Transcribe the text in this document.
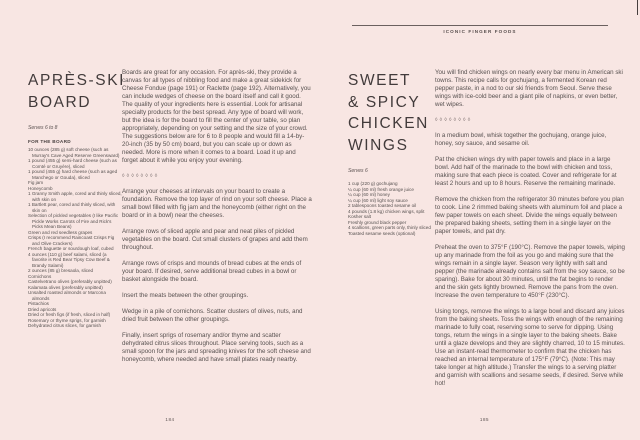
APRÈS-SKI
BOARD
Serves 6 to 8
FOR THE BOARD
10 ounces (285 g) soft cheese (such as Murray's Cave Aged Reserve Greensward)
1 pound (455 g) semi-hard cheese (such as Comté or Gruyère), sliced
1 pound (455 g) hard cheese (such as aged Manchego or Gouda), sliced
Fig jam
Honeycomb
1 Granny Smith apple, cored and thinly sliced, with skin on
1 Bartlett pear, cored and thinly sliced, with skin on
Selection of pickled vegetables (I like Pacific Pickle Works Carrots of Fire and Rick's Picks Mean Beans)
Green and red seedless grapes
Crisps (I recommend Raincoast Crisps Fig and Olive Crackers)
French baguette or sourdough loaf, cubed
4 ounces (110 g) beef salami, sliced (a favorite is Red Bear Tipsy Cow Beef & Brandy Salami)
2 ounces (85 g) bresaola, sliced
Cornichons
Castelvetrano olives (preferably unpitted)
Kalamata olives (preferably unpitted)
Unsalted roasted almonds or Marcona almonds
Pistachios
Dried apricots
Dried or fresh figs (if fresh, sliced in half)
Rosemary or thyme sprigs, for garnish
Dehydrated citrus slices, for garnish

Boards are great for any occasion. For après-ski, they provide a canvas for all types of nibbling food and make a great sidekick for Cheese Fondue (page 191) or Raclette (page 192). Alternatively, you can include wedges of cheese on the board itself and call it good. The quality of your ingredients here is essential. Look for artisanal specialty products for the best spread. Any type of board will work, but the idea is for the board to fill the center of your table, so plan appropriately, depending on your setting and the size of your crowd. The suggestions below are for 6 to 8 people and would fill a 14-by-20-inch (35 by 50 cm) board, but you can scale up or down as needed. More is more when it comes to a board. Load it up and forget about it while you enjoy your evening.

◊◊◊◊◊◊◊◊

Arrange your cheeses at intervals on your board to create a foundation. Remove the top layer of rind on your soft cheese. Place a small bowl filled with fig jam and the honeycomb (either right on the board or in a bowl) near the cheeses.

Arrange rows of sliced apple and pear and neat piles of pickled vegetables on the board. Cut small clusters of grapes and add them throughout.

Arrange rows of crisps and mounds of bread cubes at the ends of your board. If desired, serve additional bread cubes in a bowl or basket alongside the board.

Insert the meats between the other groupings.

Wedge in a pile of cornichons. Scatter clusters of olives, nuts, and dried fruit between the other groupings.

Finally, insert sprigs of rosemary and/or thyme and scatter dehydrated citrus slices throughout. Place serving tools, such as a small spoon for the jars and spreading knives for the soft cheese and honeycomb, where needed and have small plates ready nearby.

184
ICONIC FINGER FOODS
SWEET
& SPICY
CHICKEN
WINGS
Serves 6
1 cup (220 g) gochujang
¼ cup (60 ml) fresh orange juice
¼ cup (60 ml) honey
¼ cup (60 ml) light soy sauce
2 tablespoons toasted sesame oil
4 pounds (1.8 kg) chicken wings, split
Kosher salt
Freshly ground black pepper
4 scallions, green parts only, thinly sliced
Toasted sesame seeds (optional)

You will find chicken wings on nearly every bar menu in American ski towns. This recipe calls for gochujang, a fermented Korean red pepper paste, in a nod to our ski friends from Seoul. Serve these wings with ice-cold beer and a giant pile of napkins, or even better, wet wipes.

◊◊◊◊◊◊◊◊

In a medium bowl, whisk together the gochujang, orange juice, honey, soy sauce, and sesame oil.

Pat the chicken wings dry with paper towels and place in a large bowl. Add half of the marinade to the bowl with chicken and toss, making sure that each piece is coated. Cover and refrigerate for at least 2 hours and up to 8 hours. Reserve the remaining marinade.

Remove the chicken from the refrigerator 30 minutes before you plan to cook. Line 2 rimmed baking sheets with aluminum foil and place a few paper towels on each sheet. Divide the wings equally between the prepared baking sheets, setting them in a single layer on the paper towels, and pat dry.

Preheat the oven to 375°F (190°C). Remove the paper towels, wiping up any marinade from the foil as you go and making sure that the wings remain in a single layer. Season very lightly with salt and pepper (the marinade already contains salt from the soy sauce, so be sparing). Bake for about 30 minutes, until the fat begins to render and the skin gets lightly browned. Remove the pans from the oven. Increase the oven temperature to 450°F (230°C).

Using tongs, remove the wings to a large bowl and discard any juices from the baking sheets. Toss the wings with enough of the remaining marinade to fully coat, reserving some to serve for dipping. Using tongs, return the wings in a single layer to the baking sheets. Bake until a glaze develops and they are slightly charred, 10 to 15 minutes. Use an instant-read thermometer to confirm that the chicken has reached an internal temperature of 175°F (79°C). (Note: This may take longer at high altitude.) Transfer the wings to a serving platter and garnish with scallions and sesame seeds, if desired. Serve while hot!

185
